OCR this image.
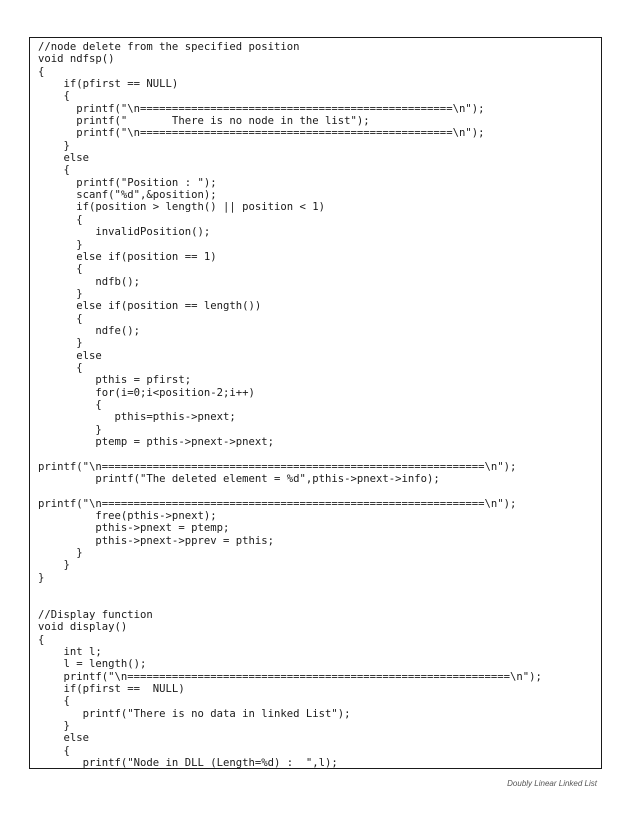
//node delete from the specified position
void ndfsp()
{
if(pfirst == NULL)
{
printf("\n=================================================\n");
printf("       There is no node in the list");
printf("\n=================================================\n");
}
else
{
printf("Position : ");
scanf("%d",&position);
if(position > length() || position < 1)
{
invalidPosition();
}
else if(position == 1)
{
ndfb();
}
else if(position == length())
{
ndfe();
}
else
{
pthis = pfirst;
for(i=0;i<position-2;i++)
{
pthis=pthis->pnext;
}
ptemp = pthis->pnext->pnext;
printf("\n============================================================\n");
printf("The deleted element = %d",pthis->pnext->info);
printf("\n============================================================\n");
free(pthis->pnext);
pthis->pnext = ptemp;
pthis->pnext->pprev = pthis;
}
}
}
//Display function
void display()
{
int l;
l = length();
printf("\n============================================================\n");
if(pfirst ==  NULL)
{
printf("There is no data in linked List");
}
else
{
printf("Node in DLL (Length=%d) :  ",l);
Doubly Linear Linked List
